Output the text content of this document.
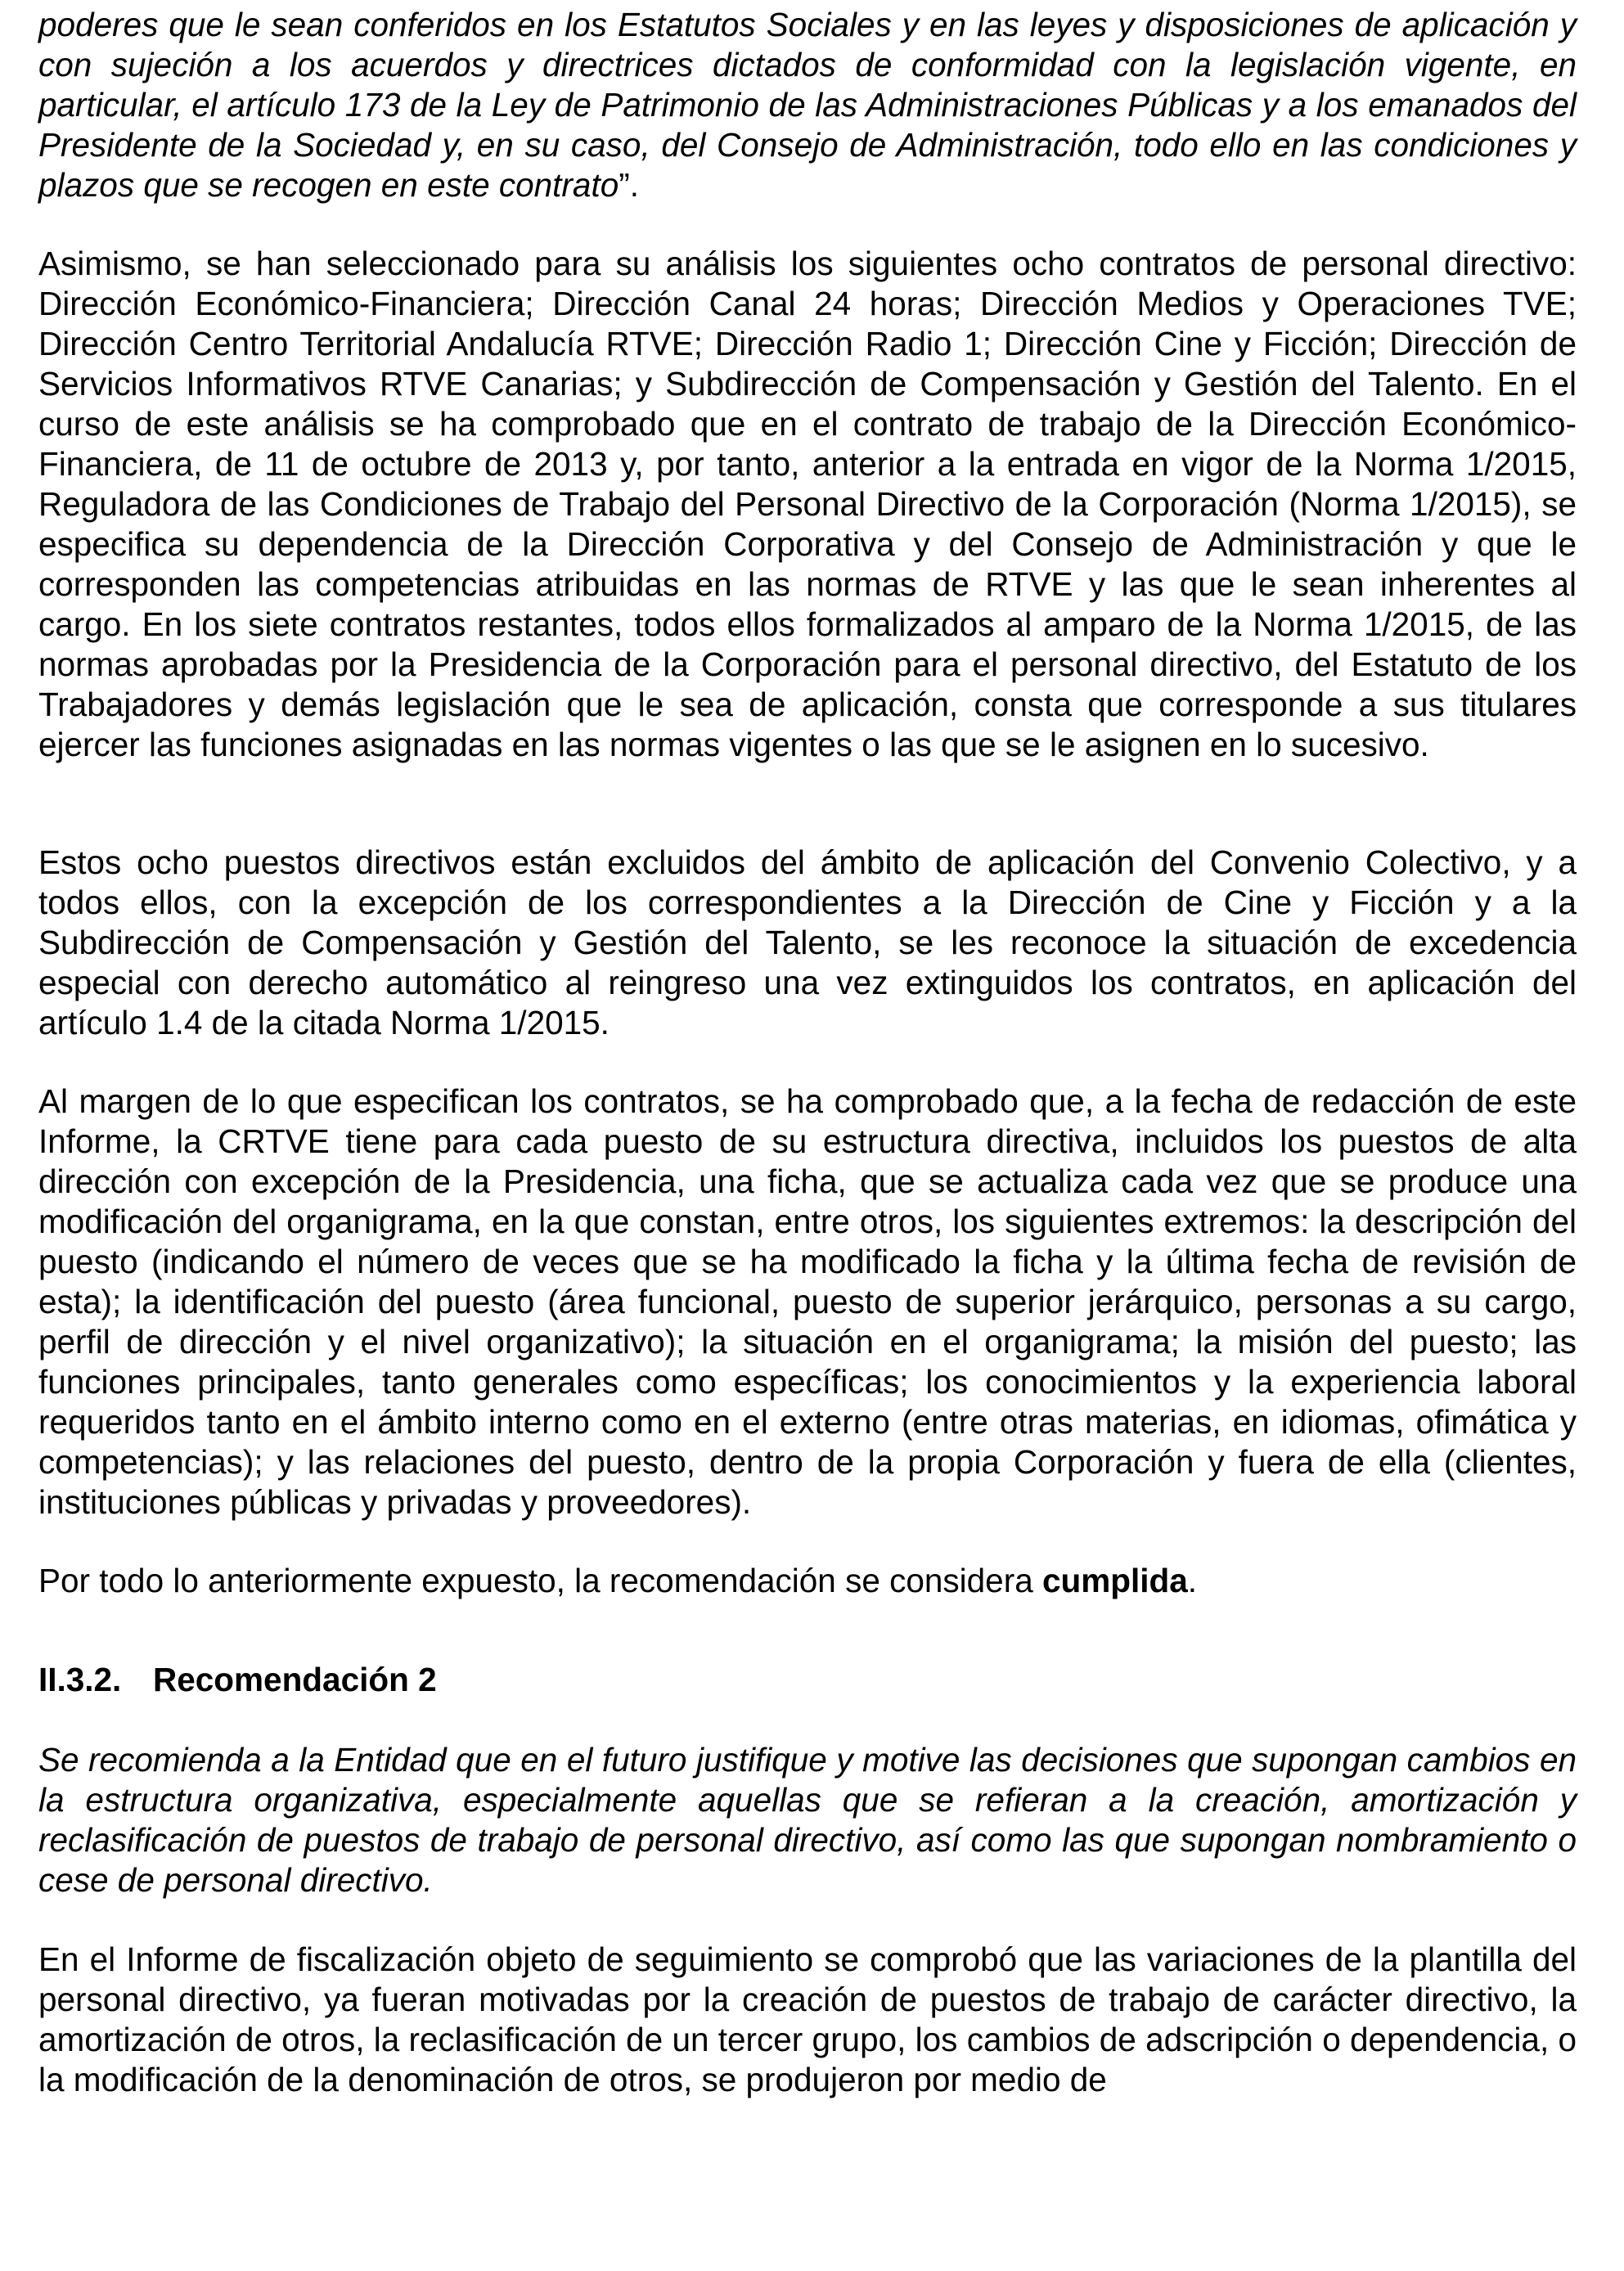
poderes que le sean conferidos en los Estatutos Sociales y en las leyes y disposiciones de aplicación y con sujeción a los acuerdos y directrices dictados de conformidad con la legislación vigente, en particular, el artículo 173 de la Ley de Patrimonio de las Administraciones Públicas y a los emanados del Presidente de la Sociedad y, en su caso, del Consejo de Administración, todo ello en las condiciones y plazos que se recogen en este contrato”.

Asimismo, se han seleccionado para su análisis los siguientes ocho contratos de personal directivo: Dirección Económico-Financiera; Dirección Canal 24 horas; Dirección Medios y Operaciones TVE; Dirección Centro Territorial Andalucía RTVE; Dirección Radio 1; Dirección Cine y Ficción; Dirección de Servicios Informativos RTVE Canarias; y Subdirección de Compensación y Gestión del Talento. En el curso de este análisis se ha comprobado que en el contrato de trabajo de la Dirección Económico-Financiera, de 11 de octubre de 2013 y, por tanto, anterior a la entrada en vigor de la Norma 1/2015, Reguladora de las Condiciones de Trabajo del Personal Directivo de la Corporación (Norma 1/2015), se especifica su dependencia de la Dirección Corporativa y del Consejo de Administración y que le corresponden las competencias atribuidas en las normas de RTVE y las que le sean inherentes al cargo. En los siete contratos restantes, todos ellos formalizados al amparo de la Norma 1/2015, de las normas aprobadas por la Presidencia de la Corporación para el personal directivo, del Estatuto de los Trabajadores y demás legislación que le sea de aplicación, consta que corresponde a sus titulares ejercer las funciones asignadas en las normas vigentes o las que se le asignen en lo sucesivo.

Estos ocho puestos directivos están excluidos del ámbito de aplicación del Convenio Colectivo, y a todos ellos, con la excepción de los correspondientes a la Dirección de Cine y Ficción y a la Subdirección de Compensación y Gestión del Talento, se les reconoce la situación de excedencia especial con derecho automático al reingreso una vez extinguidos los contratos, en aplicación del artículo 1.4 de la citada Norma 1/2015.

Al margen de lo que especifican los contratos, se ha comprobado que, a la fecha de redacción de este Informe, la CRTVE tiene para cada puesto de su estructura directiva, incluidos los puestos de alta dirección con excepción de la Presidencia, una ficha, que se actualiza cada vez que se produce una modificación del organigrama, en la que constan, entre otros, los siguientes extremos: la descripción del puesto (indicando el número de veces que se ha modificado la ficha y la última fecha de revisión de esta); la identificación del puesto (área funcional, puesto de superior jerárquico, personas a su cargo, perfil de dirección y el nivel organizativo); la situación en el organigrama; la misión del puesto; las funciones principales, tanto generales como específicas; los conocimientos y la experiencia laboral requeridos tanto en el ámbito interno como en el externo (entre otras materias, en idiomas, ofimática y competencias); y las relaciones del puesto, dentro de la propia Corporación y fuera de ella (clientes, instituciones públicas y privadas y proveedores).

Por todo lo anteriormente expuesto, la recomendación se considera cumplida.

II.3.2. Recomendación 2

Se recomienda a la Entidad que en el futuro justifique y motive las decisiones que supongan cambios en la estructura organizativa, especialmente aquellas que se refieran a la creación, amortización y reclasificación de puestos de trabajo de personal directivo, así como las que supongan nombramiento o cese de personal directivo.

En el Informe de fiscalización objeto de seguimiento se comprobó que las variaciones de la plantilla del personal directivo, ya fueran motivadas por la creación de puestos de trabajo de carácter directivo, la amortización de otros, la reclasificación de un tercer grupo, los cambios de adscripción o dependencia, o la modificación de la denominación de otros, se produjeron por medio de
